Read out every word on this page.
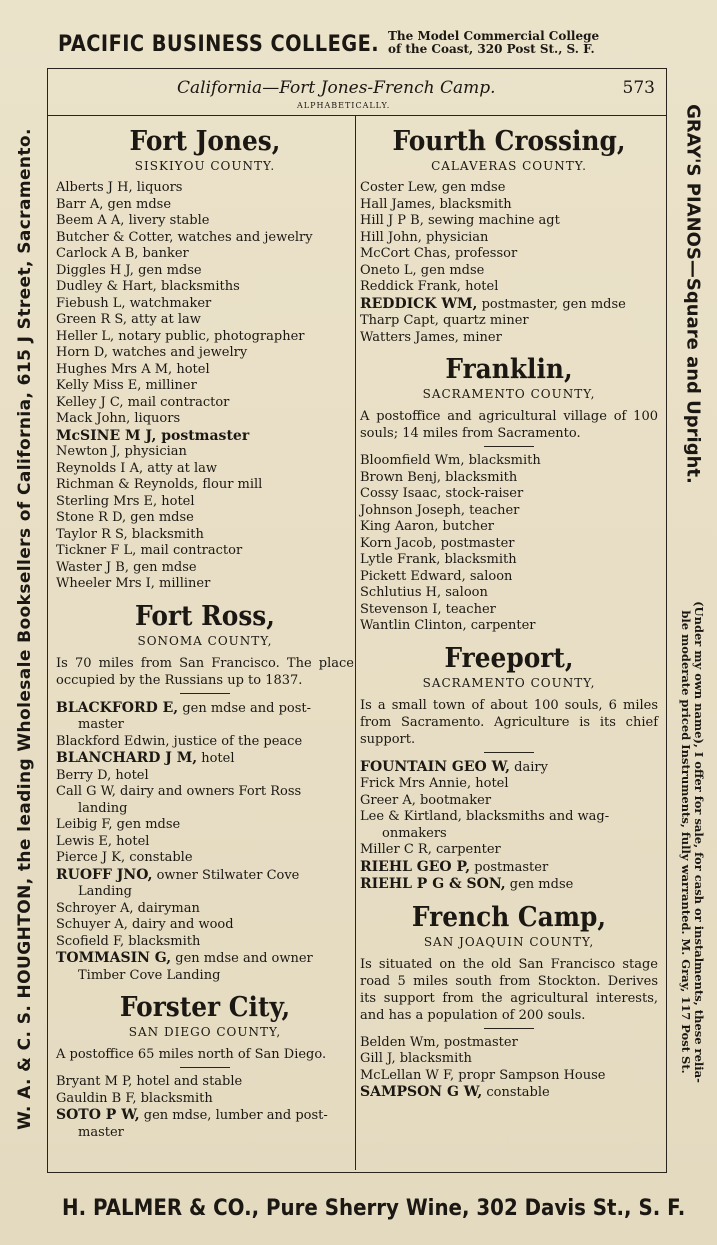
PACIFIC BUSINESS COLLEGE. The Model Commercial College
of the Coast, 320 Post St., S. F.
W. A. & C. S. HOUGHTON, the leading Wholesale Booksellers of California, 615 J Street, Sacramento.	GRAY'S PIANOS—Square and Upright.
(Under my own name), I offer for sale, for cash or instalments, these relia-
ble moderate priced Instruments, fully warranted. M. Gray, 117 Post St.
California—Fort Jones-French Camp.	573
ALPHABETICALLY.
Fort Jones,
SISKIYOU COUNTY.
Alberts J H, liquors
Barr A, gen mdse
Beem A A, livery stable
Butcher & Cotter, watches and jewelry
Carlock A B, banker
Diggles H J, gen mdse
Dudley & Hart, blacksmiths
Fiebush L, watchmaker
Green R S, atty at law
Heller L, notary public, photographer
Horn D, watches and jewelry
Hughes Mrs A M, hotel
Kelly Miss E, milliner
Kelley J C, mail contractor
Mack John, liquors
McSINE M J, postmaster
Newton J, physician
Reynolds I A, atty at law
Richman & Reynolds, flour mill
Sterling Mrs E, hotel
Stone R D, gen mdse
Taylor R S, blacksmith
Tickner F L, mail contractor
Waster J B, gen mdse
Wheeler Mrs I, milliner
Fort Ross,
SONOMA COUNTY,
Is 70 miles from San Francisco. The place occupied by the Russians up to 1837.
BLACKFORD E, gen mdse and post-
master
Blackford Edwin, justice of the peace
BLANCHARD J M, hotel
Berry D, hotel
Call G W, dairy and owners Fort Ross
landing
Leibig F, gen mdse
Lewis E, hotel
Pierce J K, constable
RUOFF JNO, owner Stilwater Cove
Landing
Schroyer A, dairyman
Schuyer A, dairy and wood
Scofield F, blacksmith
TOMMASIN G, gen mdse and owner
Timber Cove Landing
Forster City,
SAN DIEGO COUNTY,
A postoffice 65 miles north of San Diego.
Bryant M P, hotel and stable
Gauldin B F, blacksmith
SOTO P W, gen mdse, lumber and post-
master
Fourth Crossing,
CALAVERAS COUNTY.
Coster Lew, gen mdse
Hall James, blacksmith
Hill J P B, sewing machine agt
Hill John, physician
McCort Chas, professor
Oneto L, gen mdse
Reddick Frank, hotel
REDDICK WM, postmaster, gen mdse
Tharp Capt, quartz miner
Watters James, miner
Franklin,
SACRAMENTO COUNTY,
A postoffice and agricultural village of 100 souls; 14 miles from Sacramento.
Bloomfield Wm, blacksmith
Brown Benj, blacksmith
Cossy Isaac, stock-raiser
Johnson Joseph, teacher
King Aaron, butcher
Korn Jacob, postmaster
Lytle Frank, blacksmith
Pickett Edward, saloon
Schlutius H, saloon
Stevenson I, teacher
Wantlin Clinton, carpenter
Freeport,
SACRAMENTO COUNTY,
Is a small town of about 100 souls, 6 miles from Sacramento. Agriculture is its chief support.
FOUNTAIN GEO W, dairy
Frick Mrs Annie, hotel
Greer A, bootmaker
Lee & Kirtland, blacksmiths and wag-
onmakers
Miller C R, carpenter
RIEHL GEO P, postmaster
RIEHL P G & SON, gen mdse
French Camp,
SAN JOAQUIN COUNTY,
Is situated on the old San Francisco stage road 5 miles south from Stockton. Derives its support from the agricultural interests, and has a population of 200 souls.
Belden Wm, postmaster
Gill J, blacksmith
McLellan W F, propr Sampson House
SAMPSON G W, constable
H. PALMER & CO., Pure Sherry Wine, 302 Davis St., S. F.
